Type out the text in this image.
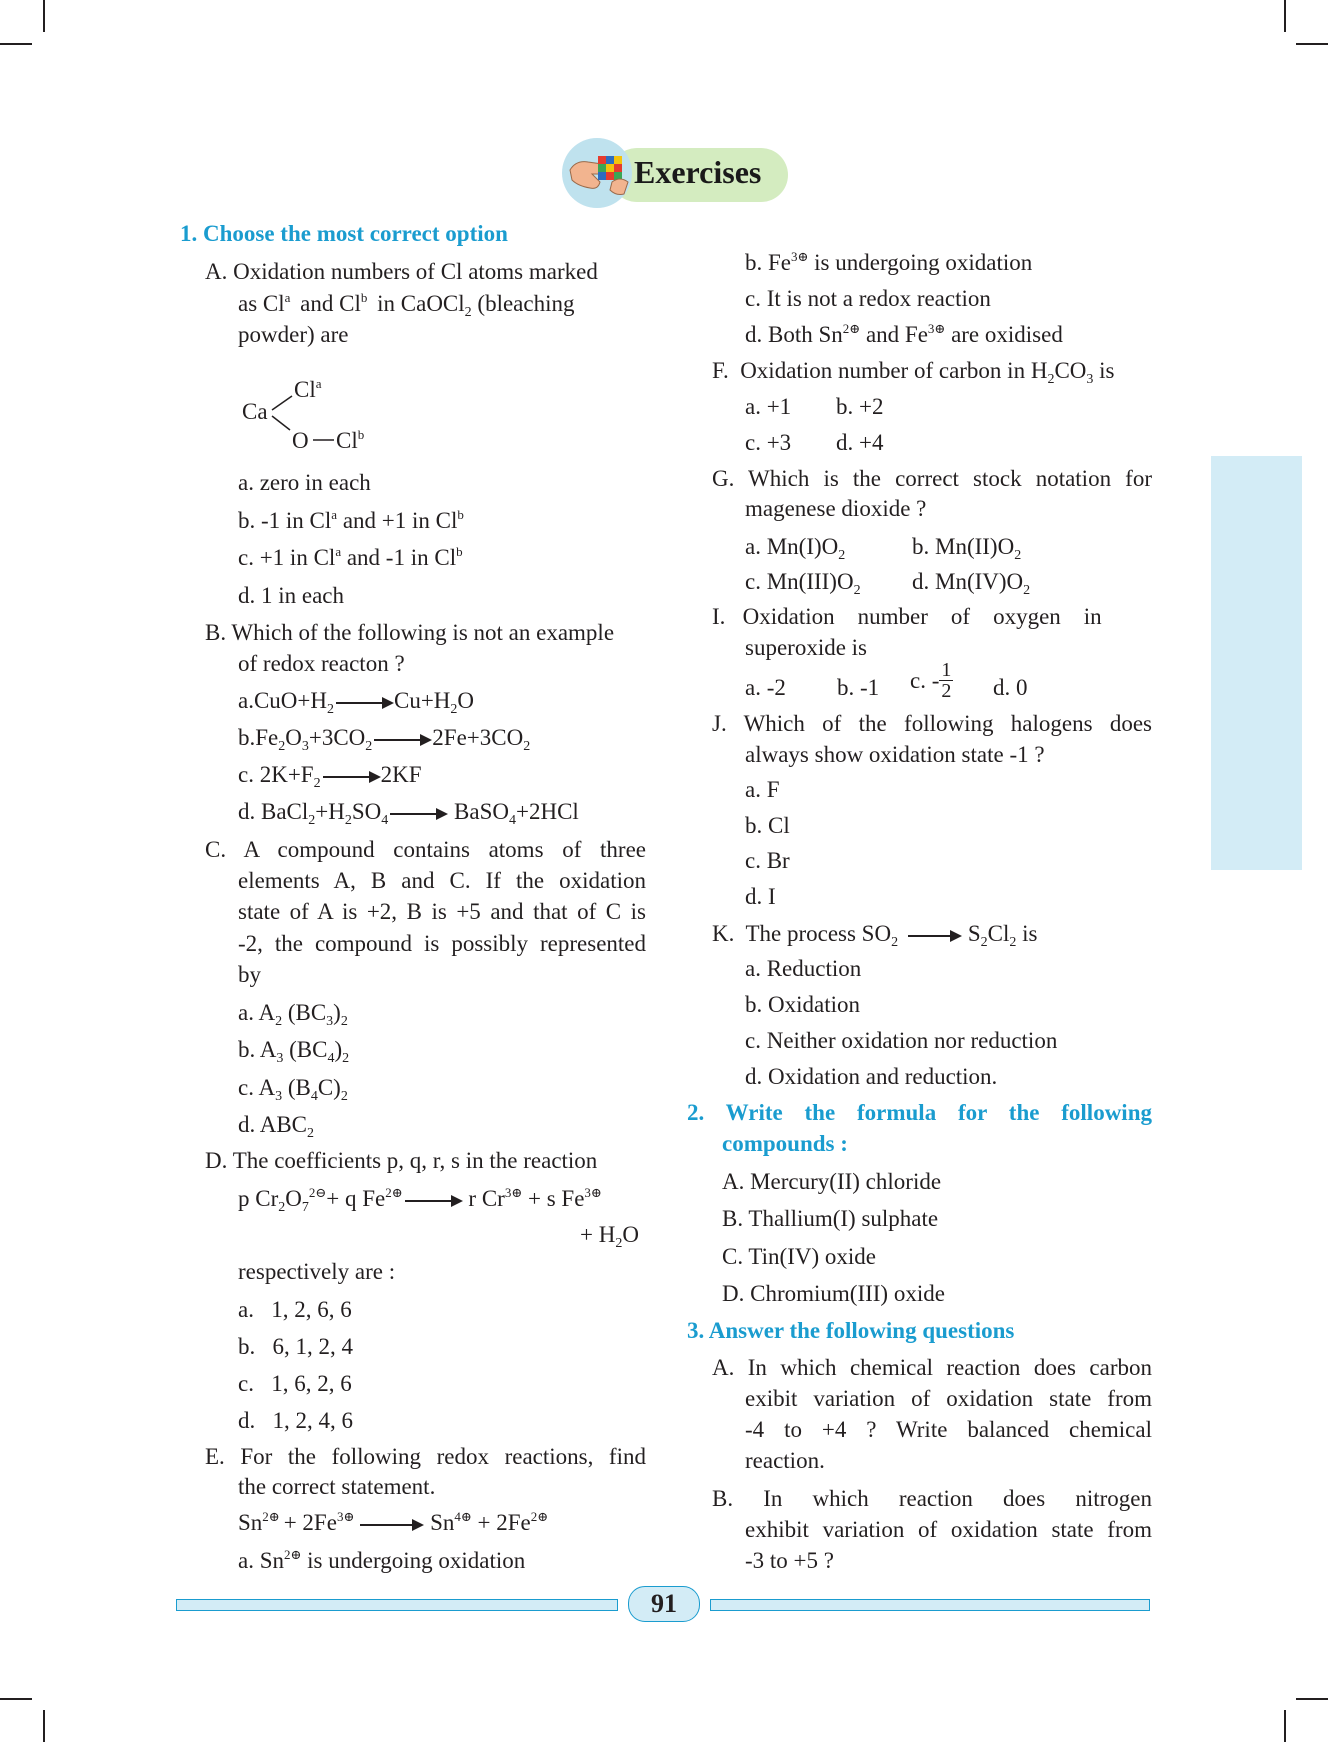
Exercises
1. Choose the most correct option
A. Oxidation numbers of Cl atoms marked
as Cl$^a$ and Cl$^b$ in CaOCl$_2$ (bleaching
powder) are
Ca
Cl$^a$
O Cl$^b$
a. zero in each
b. -1 in Cl$^a$ and +1 in Cl$^b$
c. +1 in Cl$^a$ and -1 in Cl$^b$
d. 1 in each
B. Which of the following is not an example
of redox reacton ?
$a.CuO+H_2 \to Cu+H_2O$
$b.Fe_2O_3+3CO_2 \to 2Fe+3CO_2$
c. $2K+F_2 \to 2KF$
d. $BaCl_2+H_2SO_4$ → BaSO$_4$+2HCl
C. A compound contains atoms of three
elements A, B and C. If the oxidation
state of A is +2, B is +5 and that of C is
-2, the compound is possibly represented
by
a. $A_2$ $(BC_3)_2$
b. $A_3$ $(BC_4)_2$
c. $A_3$ $(B_4C)_2$
d. $ABC_2$
D. The coefficients p, q, r, s in the reaction
p $Cr_2O_7^{2⊖}+ q$ $Fe^{2\oplus} \to r$ $Cr^{3\oplus} + s$ $Fe^{3\oplus}$
+ $H_2O$
respectively are :
a.   1, 2, 6, 6
b.   6, 1, 2, 4
c.   1, 6, 2, 6
d.   1, 2, 4, 6
E. For the following redox reactions, find
the correct statement.
$Sn^{2\oplus} + 2Fe^{3\oplus} \to Sn^{4\oplus} + 2Fe^{2\oplus}$
a. $Sn^{2\oplus}$ is undergoing oxidation
b. $Fe^{3\oplus}$ is undergoing oxidation
c. It is not a redox reaction
d. Both $Sn^{2\oplus}$ and $Fe^{3\oplus}$ are oxidised
F.  Oxidation number of carbon in $H_2CO_3$ is
a. +1 b. +2
c. +3 d. +4
G. Which is the correct stock notation for
magenese dioxide ?
a. $Mn(I)O_2$	b. $Mn(II)O_2$
c. $Mn(III)O_2$ d. $Mn(IV)O_2$
I.   Oxidation    number    of    oxygen    in
superoxide is
a. -2 b. -1 c. - $\frac{1}{2} d$. 0
J. Which of the following halogens does
always show oxidation state -1 ?
a. F
b. Cl
c. Br
d. I
K.  The process $SO_2 \to S_2Cl_2$ is
a. Reduction
b. Oxidation
c. Neither oxidation nor reduction
d. Oxidation and reduction.
2. Write the formula for the following
compounds :
A. Mercury(II) chloride
B. Thallium(I) sulphate
C. Tin(IV) oxide
D. Chromium(III) oxide
3. Answer the following questions
A. In which chemical reaction does carbon
exibit variation of oxidation state from
-4 to +4 ? Write balanced chemical
reaction.
B. In which reaction does nitrogen
exhibit variation of oxidation state from
-3 to +5 ?
91
